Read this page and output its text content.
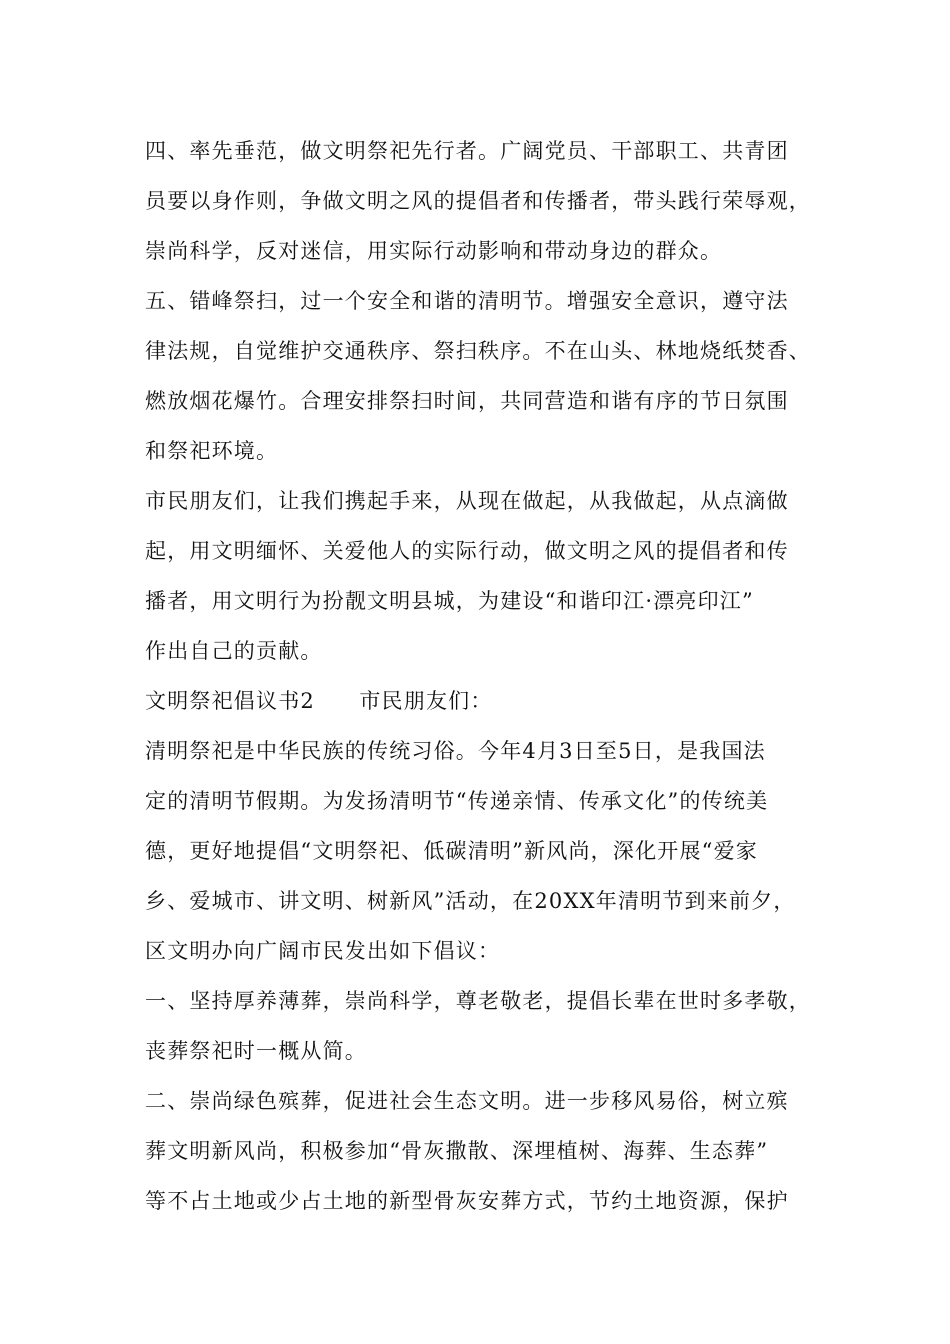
四、率先垂范，做文明祭祀先行者。广阔党员、干部职工、共青团
员要以身作则，争做文明之风的提倡者和传播者，带头践行荣辱观，
崇尚科学，反对迷信，用实际行动影响和带动身边的群众。
五、错峰祭扫，过一个安全和谐的清明节。增强安全意识，遵守法
律法规，自觉维护交通秩序、祭扫秩序。不在山头、林地烧纸焚香、
燃放烟花爆竹。合理安排祭扫时间，共同营造和谐有序的节日氛围
和祭祀环境。
市民朋友们，让我们携起手来，从现在做起，从我做起，从点滴做
起，用文明缅怀、关爱他人的实际行动，做文明之风的提倡者和传
播者，用文明行为扮靓文明县城，为建设“和谐印江·漂亮印江”
作出自己的贡献。
文明祭祀倡议书2　　市民朋友们：
清明祭祀是中华民族的传统习俗。今年4月3日至5日，是我国法
定的清明节假期。为发扬清明节“传递亲情、传承文化”的传统美
德，更好地提倡“文明祭祀、低碳清明”新风尚，深化开展“爱家
乡、爱城市、讲文明、树新风”活动，在20XX年清明节到来前夕，
区文明办向广阔市民发出如下倡议：
一、坚持厚养薄葬，崇尚科学，尊老敬老，提倡长辈在世时多孝敬，
丧葬祭祀时一概从简。
二、崇尚绿色殡葬，促进社会生态文明。进一步移风易俗，树立殡
葬文明新风尚，积极参加“骨灰撒散、深埋植树、海葬、生态葬”
等不占土地或少占土地的新型骨灰安葬方式，节约土地资源，保护
